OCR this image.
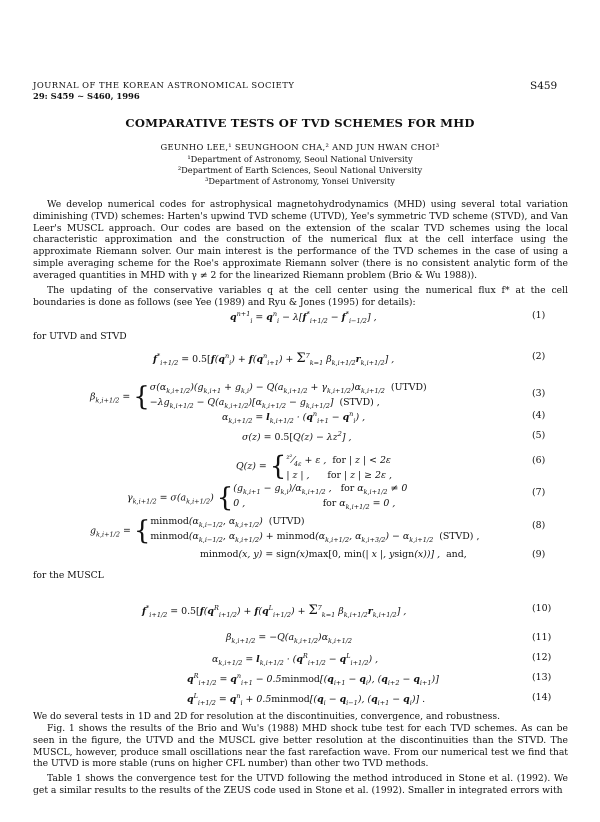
JOURNAL OF THE KOREAN ASTRONOMICAL SOCIETY
29: S459 ∼ S460, 1996
S459
COMPARATIVE TESTS OF TVD SCHEMES FOR MHD
GEUNHO LEE,¹ SEUNGHOON CHA,² AND JUN HWAN CHOI³
¹Department of Astronomy, Seoul National University
²Department of Earth Sciences, Seoul National University
³Department of Astronomy, Yonsei University
We develop numerical codes for astrophysical magnetohydrodynamics (MHD) using several total variation diminishing (TVD) schemes: Harten's upwind TVD scheme (UTVD), Yee's symmetric TVD scheme (STVD), and Van Leer's MUSCL approach. Our codes are based on the extension of the scalar TVD schemes using the local characteristic approximation and the construction of the numerical flux at the cell interface using the approximate Riemann solver. Our main interest is the performance of the TVD schemes in the case of using a simple averaging scheme for the Roe's approximate Riemann solver (there is no consistent analytic form of the averaged quantities in MHD with γ ≠ 2 for the linearized Riemann problem (Brio & Wu 1988)).
The updating of the conservative variables q at the cell center using the numerical flux f* at the cell boundaries is done as follows (see Yee (1989) and Ryu & Jones (1995) for details):
$q^{n+1}_i = q^n_i - \lambda[f^*_{i+1/2} - f^*_{i-1/2}]$ ,	(1)
for UTVD and STVD
$f^*_{i+1/2} = 0.5[f(q^n_i) + f(q^n_{i+1}) + \Sigma^7_{k=1}$ $\beta_{k,i+1/2}r_{k,i+1/2}$] ,	(2)
$\beta_{k,i+1/2} = \{\sigma(\alpha_{k,i+1/2})(g_{k,i+1} + g_{k,i}) - Q(a_{k,i+1/2} + \gamma_{k,i+1/2})\alpha_{k,i+1/2}$ (UTVD)
$-\lambda g_{k,i+1/2} - Q(a_{k,i+1/2})[\alpha_{k,i+1/2} - g_{k,i+1/2}]$  (STVD) ,
(3)
$\alpha_{k,i+1/2} = l_{k,i+1/2} \cdot (q^n_{i+1} - q^n_i)$ ,	(4)
$\sigma(z) = 0.5[Q(z) - \lambda z^2]$ ,	(5)
$Q(z) = \{^{z^2}⁄_{4\varepsilon} + \varepsilon$ ,  for | z | < 2ε
| z | ,      for | z | ≥ 2ε ,
(6)
$\gamma_{k,i+1/2} = \sigma(a_{k,i+1/2}) \{(g_{k,i+1} - g_{k,i})/\alpha_{k,i+1/2}$ ,   for $\alpha_{k,i+1/2} \ne 0$
0 ,                          for $\alpha_{k,i+1/2} = 0$ ,
(7)
$g_{k,i+1/2}$ = {$minmod(\alpha_{k,i-1/2}$, $\alpha_{k,i+1/2}$)  (UTVD)
$minmod(\alpha_{k,i-1/2}$, $\alpha_{k,i+1/2}$) + $minmod(\alpha_{k,i+1/2}$, $\alpha_{k,i+3/2}) - \alpha_{k,i+1/2}$ (STVD) ,
(8)
minmod(x, y) = sign(x)max[0, min(| x |, ysign(x))] ,  and,	(9)
for the MUSCL
$f^*_{i+1/2} = 0.5[f(q^R_{i+1/2}) + f(q^L_{i+1/2}) + \Sigma^7_{k=1}$ $\beta_{k,i+1/2}r_{k,i+1/2}$] ,	(10)
$\beta_{k,i+1/2} = -Q(a_{k,i+1/2})\alpha_{k,i+1/2}$	(11)
$\alpha_{k,i+1/2} = l_{k,i+1/2} \cdot (q^R_{i+1/2} - q^L_{i+1/2})$ ,	(12)
$q^R_{i+1/2} = q^n_{i+1}$ − $0.5minmod[(q_{i+1} - q_i)$, $(q_{i+2} - q_{i+1})$]	(13)
$q^L_{i+1/2} = q^n_i$ + $0.5minmod[(q_i - q_{i-1})$, $(q_{i+1} - q_i)$] .	(14)
We do several tests in 1D and 2D for resolution at the discontinuities, convergence, and robustness.
Fig. 1 shows the results of the Brio and Wu's (1988) MHD shock tube test for each TVD schemes. As can be seen in the figure, the UTVD and the MUSCL give better resolution at the discontinuities than the STVD. The MUSCL, however, produce small oscillations near the fast rarefaction wave. From our numerical test we find that the UTVD is more stable (runs on higher CFL number) than other two TVD methods.
Table 1 shows the convergence test for the UTVD following the method introduced in Stone et al. (1992). We get a similar results to the results of the ZEUS code used in Stone et al. (1992). Smaller in integrated errors with
